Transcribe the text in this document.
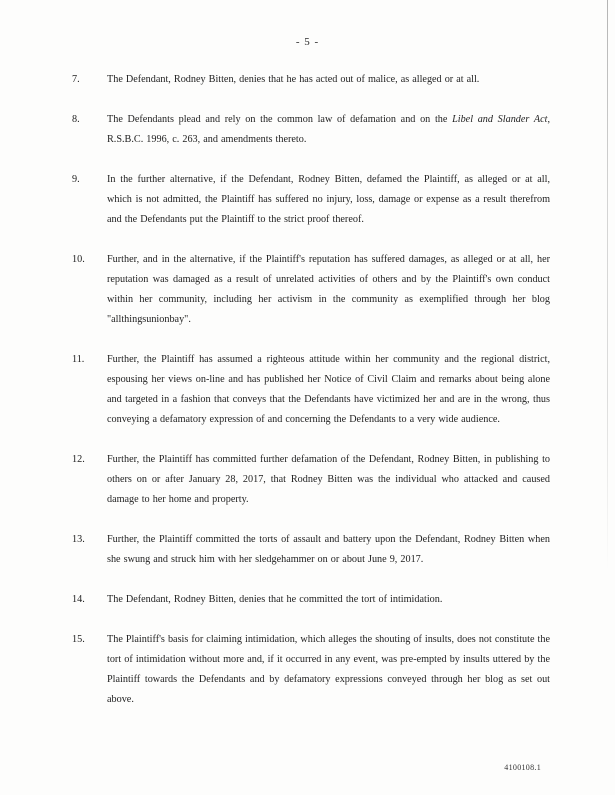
- 5 -
7.	The Defendant, Rodney Bitten, denies that he has acted out of malice, as alleged or at all.
8.	The Defendants plead and rely on the common law of defamation and on the Libel and Slander Act, R.S.B.C. 1996, c. 263, and amendments thereto.
9.	In the further alternative, if the Defendant, Rodney Bitten, defamed the Plaintiff, as alleged or at all, which is not admitted, the Plaintiff has suffered no injury, loss, damage or expense as a result therefrom and the Defendants put the Plaintiff to the strict proof thereof.
10.	Further, and in the alternative, if the Plaintiff's reputation has suffered damages, as alleged or at all, her reputation was damaged as a result of unrelated activities of others and by the Plaintiff's own conduct within her community, including her activism in the community as exemplified through her blog "allthingsunionbay".
11.	Further, the Plaintiff has assumed a righteous attitude within her community and the regional district, espousing her views on-line and has published her Notice of Civil Claim and remarks about being alone and targeted in a fashion that conveys that the Defendants have victimized her and are in the wrong, thus conveying a defamatory expression of and concerning the Defendants to a very wide audience.
12.	Further, the Plaintiff has committed further defamation of the Defendant, Rodney Bitten, in publishing to others on or after January 28, 2017, that Rodney Bitten was the individual who attacked and caused damage to her home and property.
13.	Further, the Plaintiff committed the torts of assault and battery upon the Defendant, Rodney Bitten when she swung and struck him with her sledgehammer on or about June 9, 2017.
14.	The Defendant, Rodney Bitten, denies that he committed the tort of intimidation.
15.	The Plaintiff's basis for claiming intimidation, which alleges the shouting of insults, does not constitute the tort of intimidation without more and, if it occurred in any event, was pre-empted by insults uttered by the Plaintiff towards the Defendants and by defamatory expressions conveyed through her blog as set out above.
4100108.1
